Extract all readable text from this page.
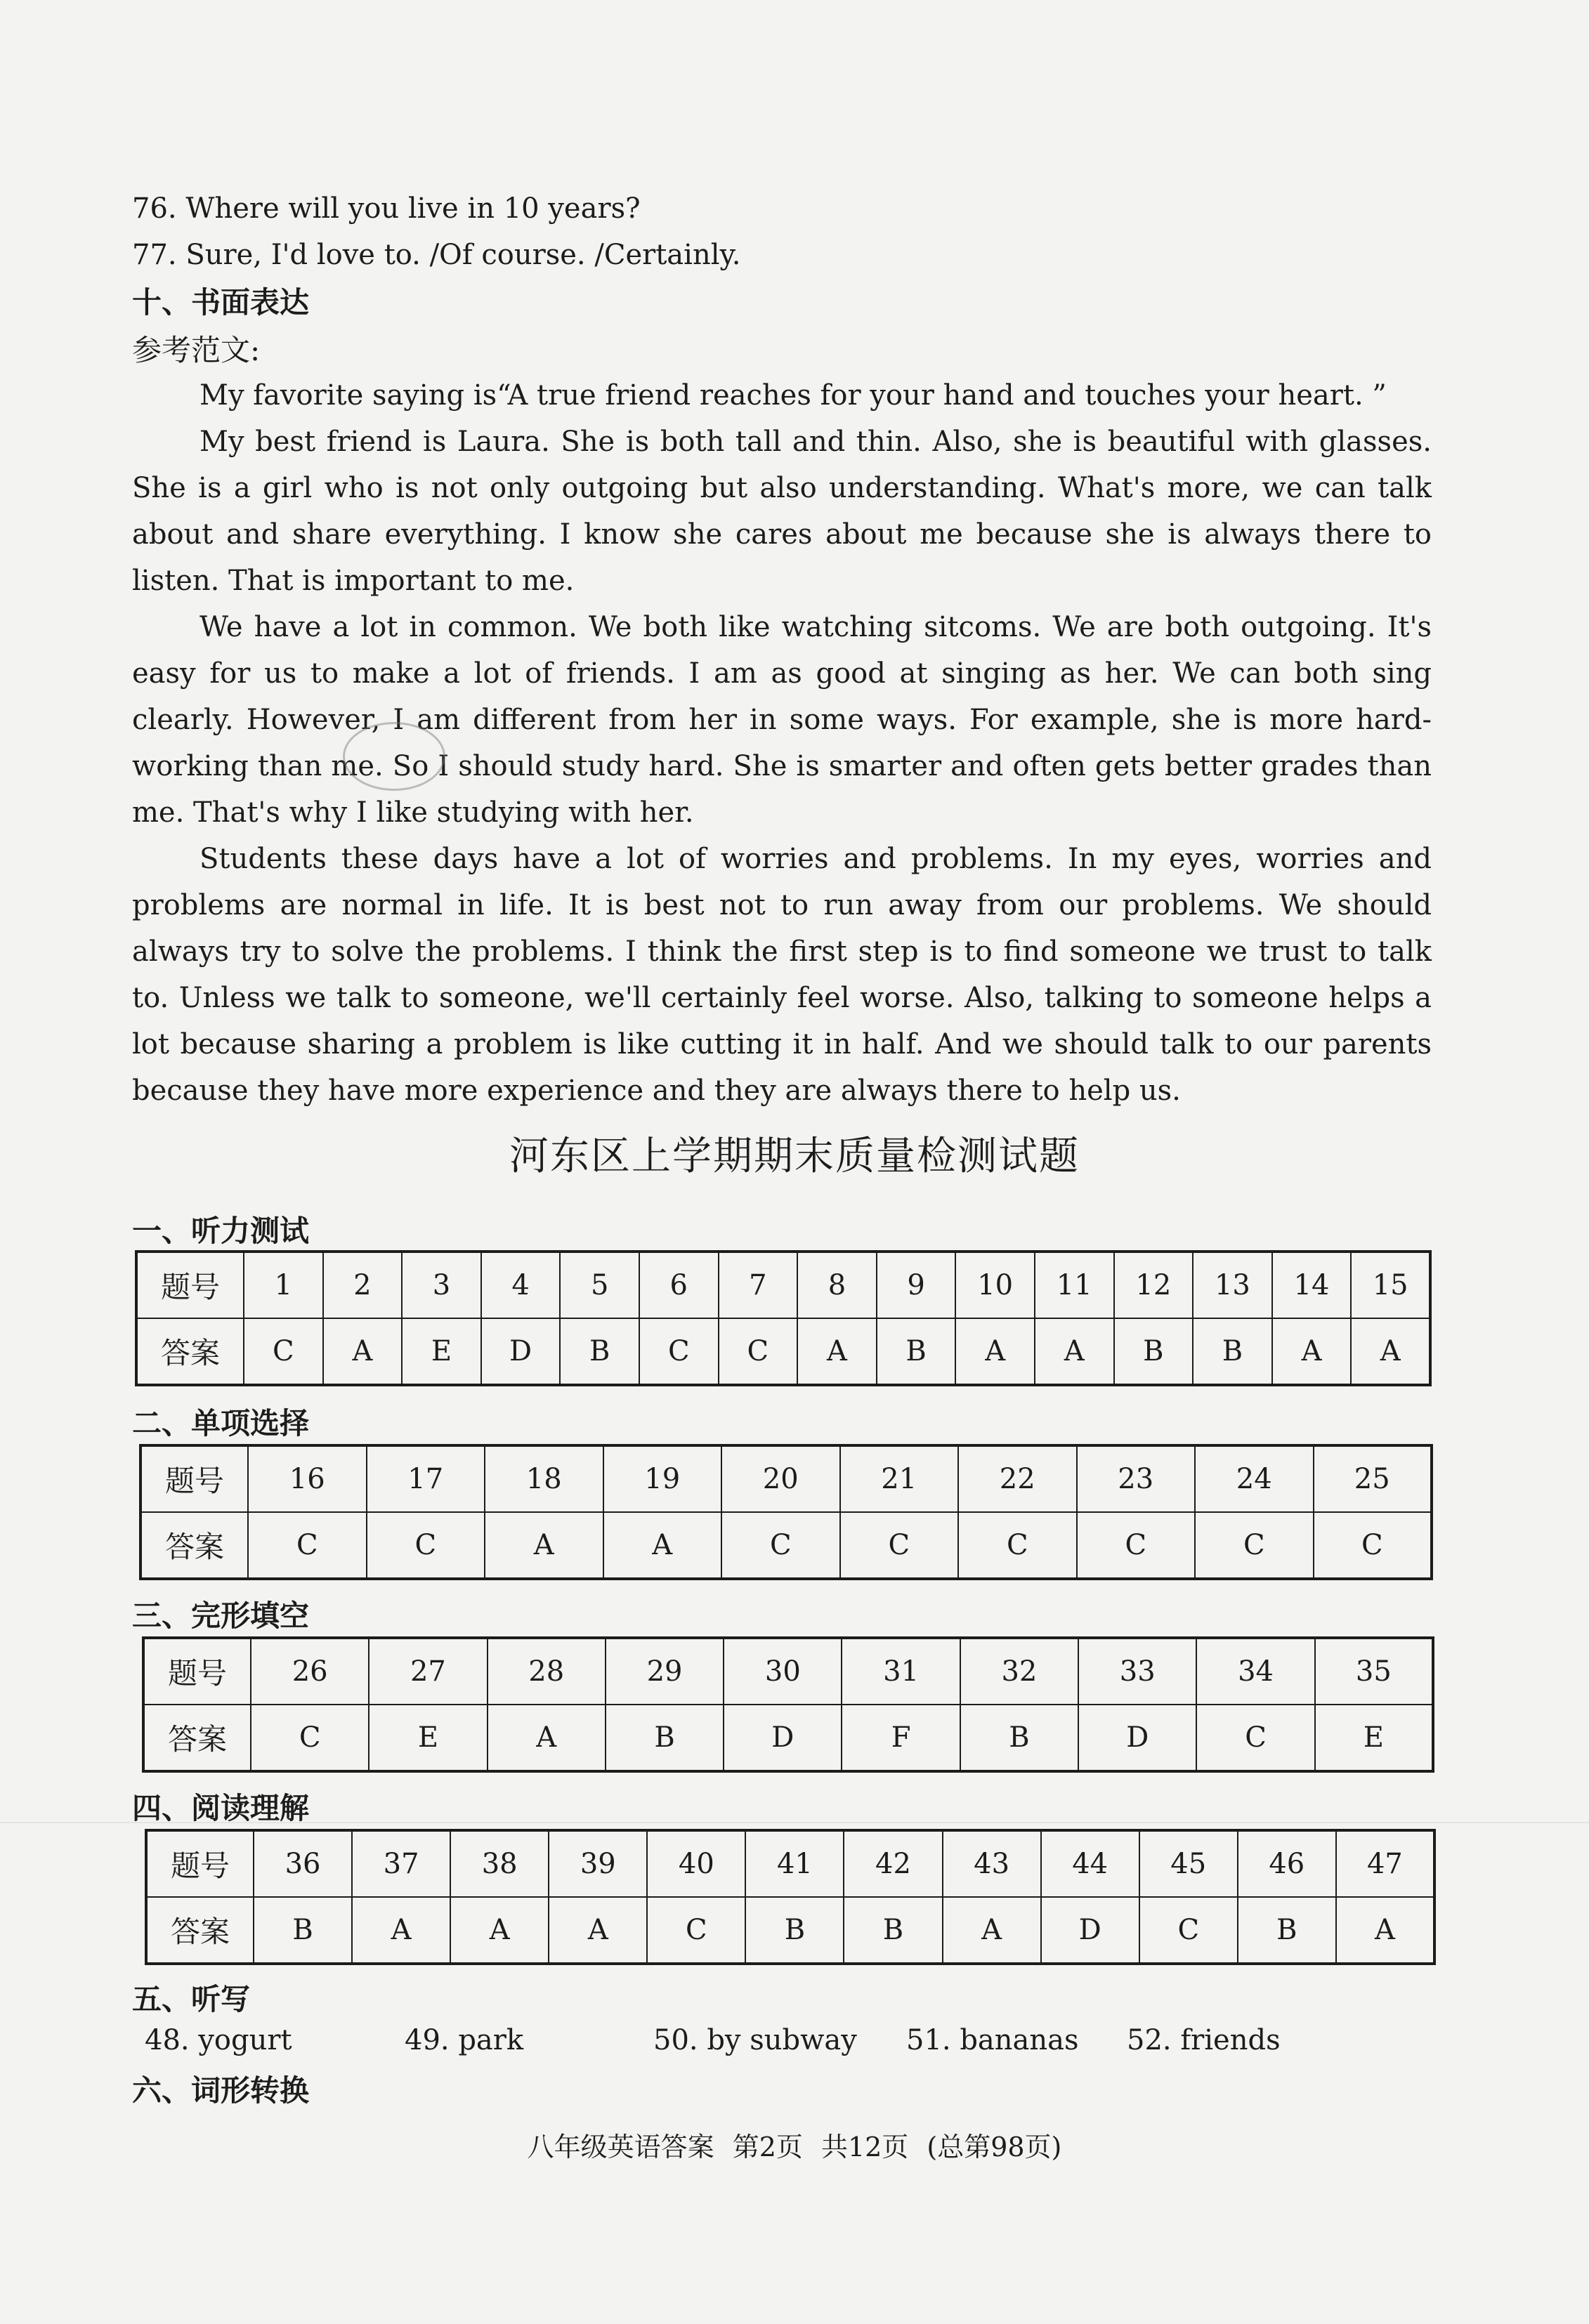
76. Where will you live in 10 years?
77. Sure, I'd love to. /Of course. /Certainly.
十、书面表达
参考范文:

My favorite saying is“A true friend reaches for your hand and touches your heart. ”

My best friend is Laura. She is both tall and thin. Also, she is beautiful with glasses. She is a girl who is not only outgoing but also understanding. What's more, we can talk about and share everything. I know she cares about me because she is always there to listen. That is important to me.

We have a lot in common. We both like watching sitcoms. We are both outgoing. It's easy for us to make a lot of friends. I am as good at singing as her. We can both sing clearly. However, I am different from her in some ways. For example, she is more hard-working than me. So I should study hard. She is smarter and often gets better grades than me. That's why I like studying with her.

Students these days have a lot of worries and problems. In my eyes, worries and problems are normal in life. It is best not to run away from our problems. We should always try to solve the problems. I think the first step is to find someone we trust to talk to. Unless we talk to someone, we'll certainly feel worse. Also, talking to someone helps a lot because sharing a problem is like cutting it in half. And we should talk to our parents because they have more experience and they are always there to help us.

河东区上学期期末质量检测试题
一、听力测试
题号	1	2	3	4	5	6	7	8	9	10	11	12	13	14	15
答案	C	A	E	D	B	C	C	A	B	A	A	B	B	A	A
二、单项选择
题号	16	17	18	19	20	21	22	23	24	25
答案	C	C	A	A	C	C	C	C	C	C
三、完形填空
题号	26	27	28	29	30	31	32	33	34	35
答案	C	E	A	B	D	F	B	D	C	E
四、阅读理解
题号	36	37	38	39	40	41	42	43	44	45	46	47
答案	B	A	A	A	C	B	B	A	D	C	B	A
五、听写
48. yogurt	49. park	50. by subway 51. bananas 52. friends
六、词形转换
八年级英语答案 第2页 共12页 (总第98页)
